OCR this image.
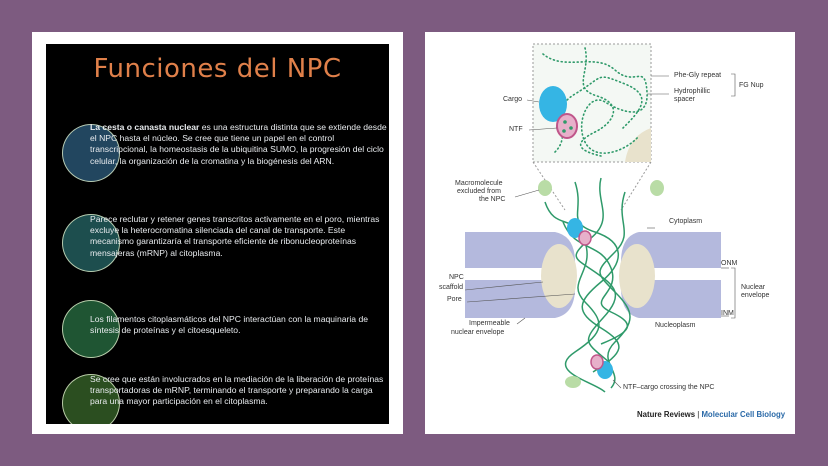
Funciones del NPC
La cesta o canasta nuclear es una estructura distinta que se extiende desde el NPC hasta el núcleo. Se cree que tiene un papel en el control transcripcional, la homeostasis de la ubiquitina SUMO, la progresión del ciclo celular, la organización de la cromatina y la biogénesis del ARN.
Parece reclutar y retener genes transcritos activamente en el poro, mientras excluye la heterocromatina silenciada del canal de transporte. Este mecanismo garantizaría el transporte eficiente de ribonucleoproteínas mensajeras (mRNP) al citoplasma.
Los filamentos citoplasmáticos del NPC interactúan con la maquinaria de síntesis de proteínas y el citoesqueleto.
Se cree que están involucrados en la mediación de la liberación de proteínas transportadoras de mRNP, terminando el transporte y preparando la carga para una mayor participación en el citoplasma.
Phe-Gly repeat
Hydrophillic
spacer
FG Nup
Cargo
NTF
Macromolecule
excluded from
the NPC
Cytoplasm
ONM
Nuclear
envelope
INM
NPC
scaffold
Pore
Impermeable
nuclear envelope
Nucleoplasm
NTF–cargo crossing the NPC
Nature Reviews | Molecular Cell Biology
